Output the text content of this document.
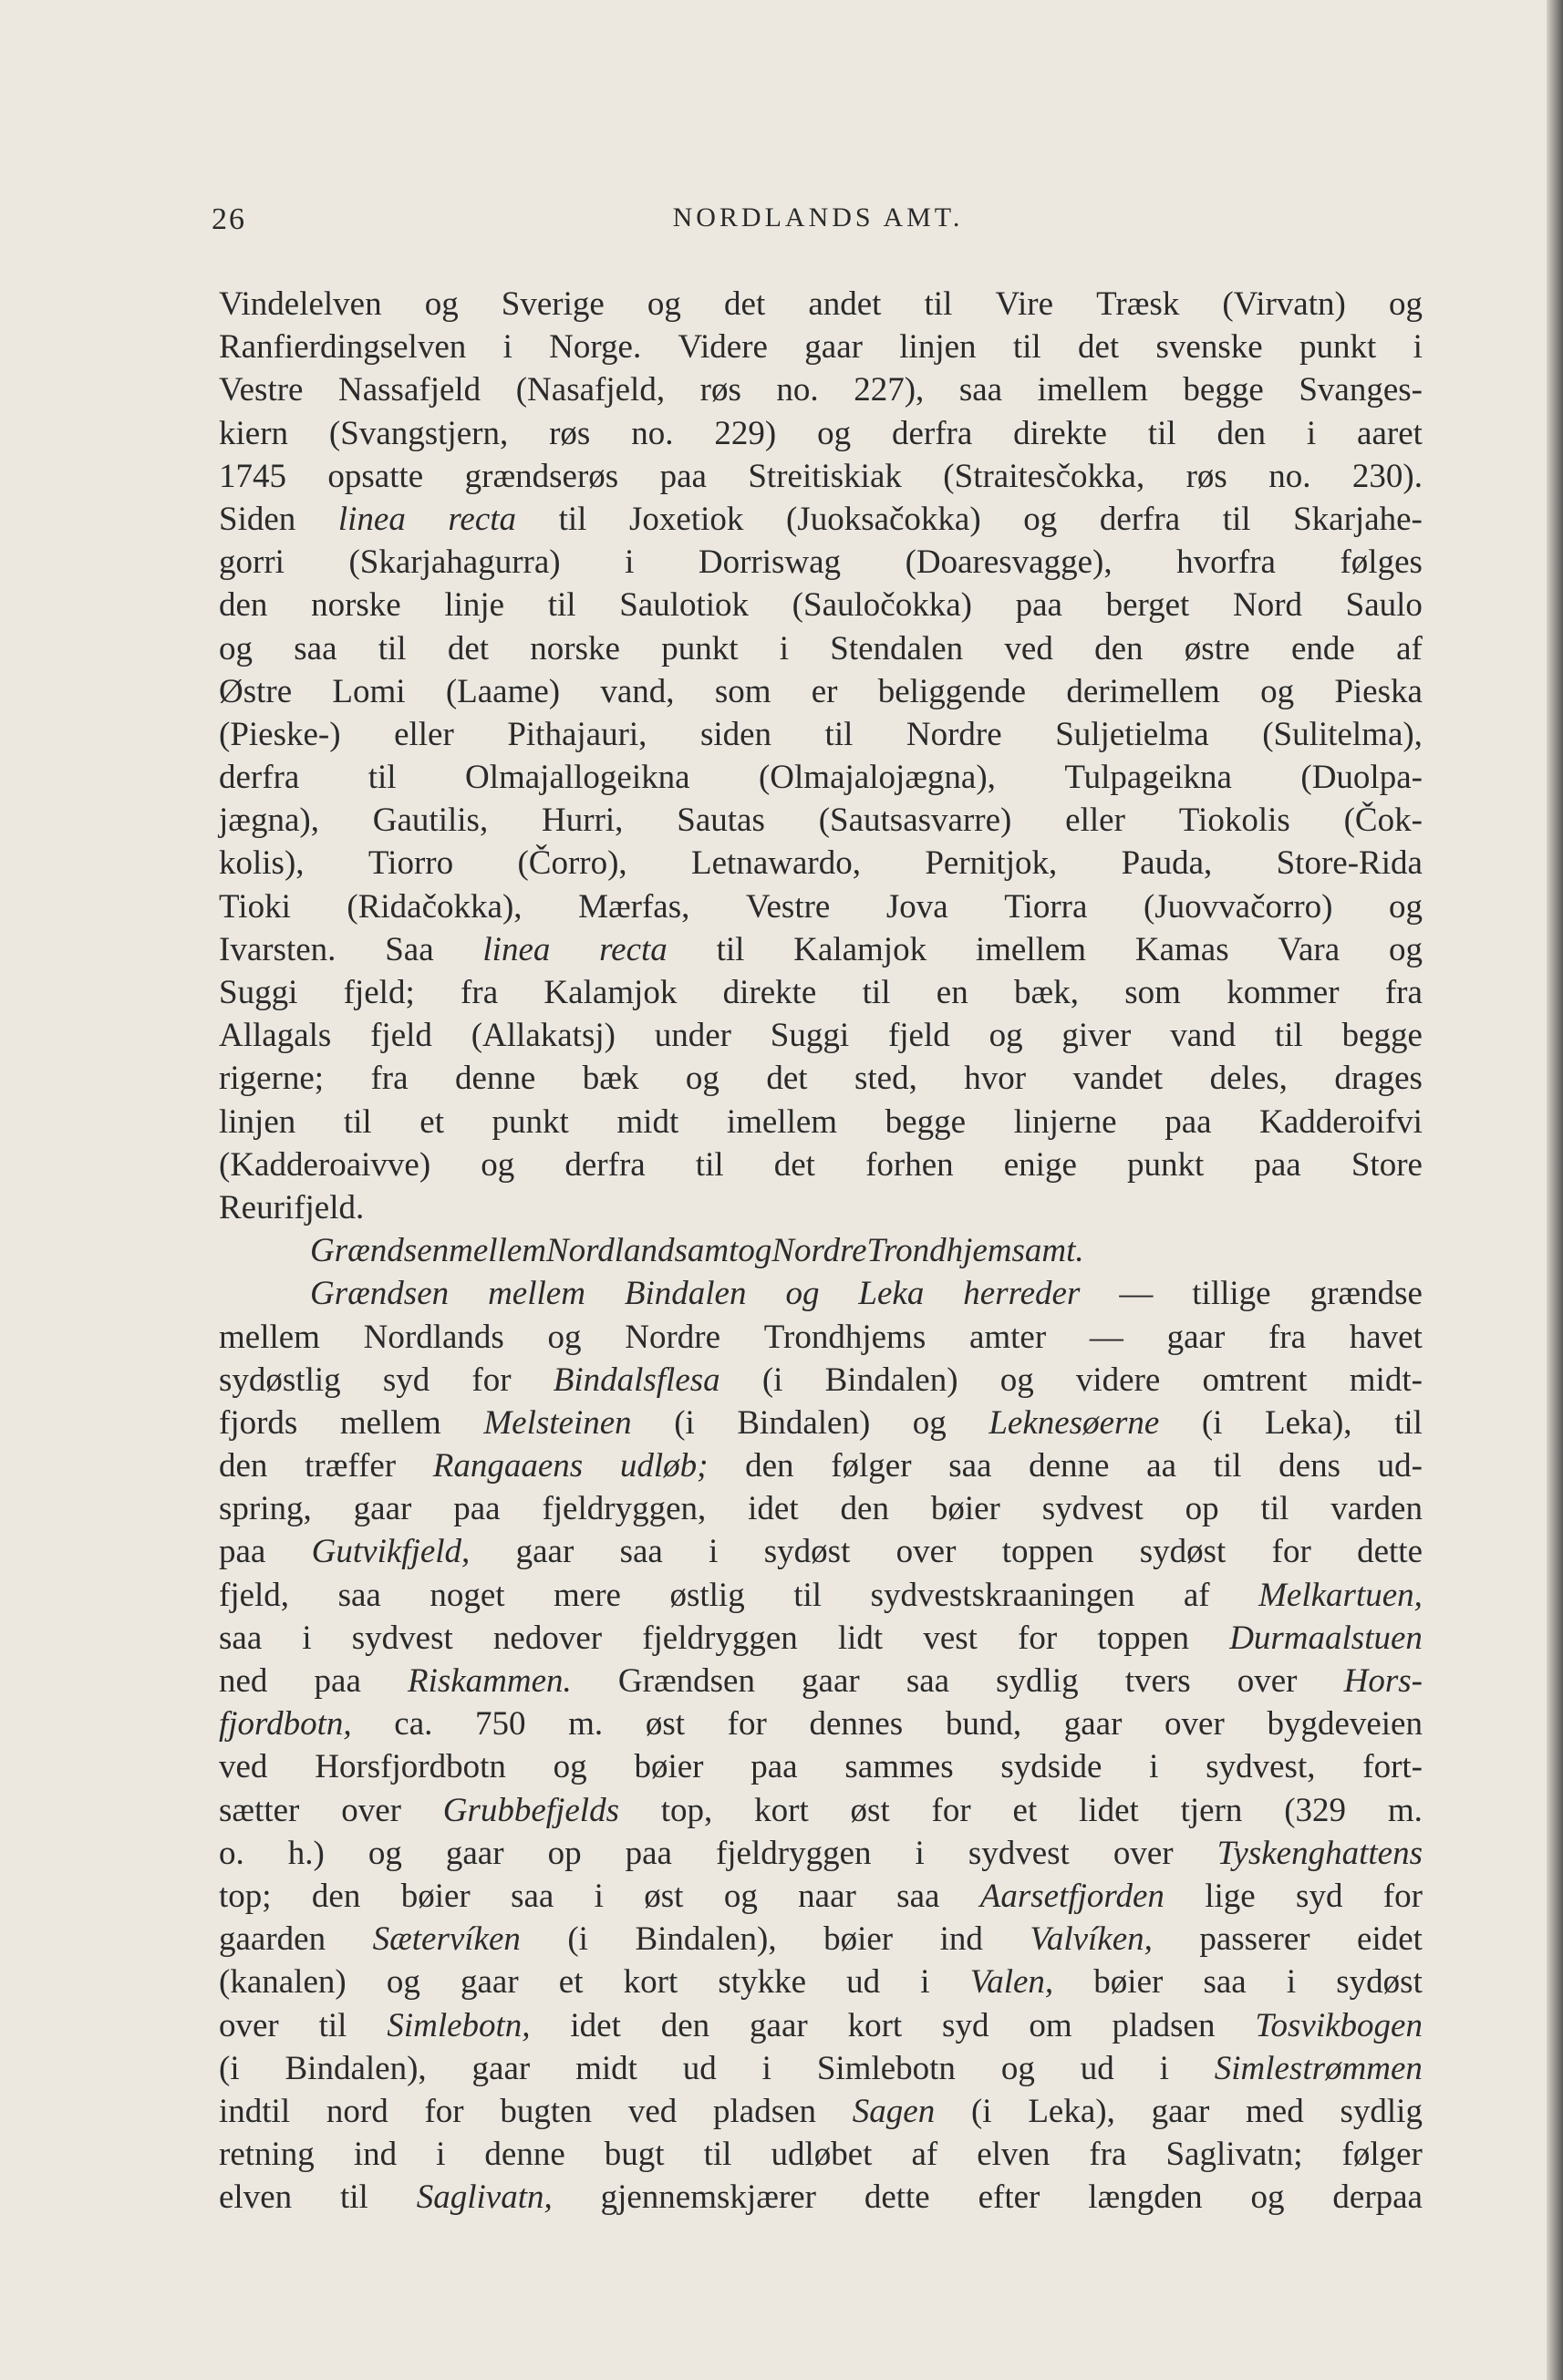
26	NORDLANDS AMT.
Vindelelven og Sverige og det andet til Vire Træsk (Virvatn) og
Ranfierdingselven i Norge. Videre gaar linjen til det svenske punkt i
Vestre Nassafjeld (Nasafjeld, røs no. 227), saa imellem begge Svanges-
kiern (Svangstjern, røs no. 229) og derfra direkte til den i aaret
1745 opsatte grændserøs paa Streitiskiak (Straitesčokka, røs no. 230).
Siden linea recta til Joxetiok (Juoksačokka) og derfra til Skarjahe-
gorri (Skarjahagurra) i Dorriswag (Doaresvagge), hvorfra følges
den norske linje til Saulotiok (Sauločokka) paa berget Nord Saulo
og saa til det norske punkt i Stendalen ved den østre ende af
Østre Lomi (Laame) vand, som er beliggende derimellem og Pieska
(Pieske-) eller Pithajauri, siden til Nordre Suljetielma (Sulitelma),
derfra til Olmajallogeikna (Olmajalojægna), Tulpageikna (Duolpa-
jægna), Gautilis, Hurri, Sautas (Sautsasvarre) eller Tiokolis (Čok-
kolis), Tiorro (Čorro), Letnawardo, Pernitjok, Pauda, Store-Rida
Tioki (Ridačokka), Mærfas, Vestre Jova Tiorra (Juovvačorro) og
Ivarsten. Saa linea recta til Kalamjok imellem Kamas Vara og
Suggi fjeld; fra Kalamjok direkte til en bæk, som kommer fra
Allagals fjeld (Allakatsj) under Suggi fjeld og giver vand til begge
rigerne; fra denne bæk og det sted, hvor vandet deles, drages
linjen til et punkt midt imellem begge linjerne paa Kadderoifvi
(Kadderoaivve) og derfra til det forhen enige punkt paa Store
Reurifjeld.
Grændsen mellem Nordlands amt og Nordre Trondhjems amt.
Grændsen mellem Bindalen og Leka herreder — tillige grændse
mellem Nordlands og Nordre Trondhjems amter — gaar fra havet
sydøstlig syd for Bindalsflesa (i Bindalen) og videre omtrent midt-
fjords mellem Melsteinen (i Bindalen) og Leknesøerne (i Leka), til
den træffer Rangaaens udløb; den følger saa denne aa til dens ud-
spring, gaar paa fjeldryggen, idet den bøier sydvest op til varden
paa Gutvikfjeld, gaar saa i sydøst over toppen sydøst for dette
fjeld, saa noget mere østlig til sydvestskraaningen af Melkartuen,
saa i sydvest nedover fjeldryggen lidt vest for toppen Durmaalstuen
ned paa Riskammen. Grændsen gaar saa sydlig tvers over Hors-
fjordbotn, ca. 750 m. øst for dennes bund, gaar over bygdeveien
ved Horsfjordbotn og bøier paa sammes sydside i sydvest, fort-
sætter over Grubbefjelds top, kort øst for et lidet tjern (329 m.
o. h.) og gaar op paa fjeldryggen i sydvest over Tyskenghattens
top; den bøier saa i øst og naar saa Aarsetfjorden lige syd for
gaarden Sætervíken (i Bindalen), bøier ind Valvíken, passerer eidet
(kanalen) og gaar et kort stykke ud i Valen, bøier saa i sydøst
over til Simlebotn, idet den gaar kort syd om pladsen Tosvikbogen
(i Bindalen), gaar midt ud i Simlebotn og ud i Simlestrømmen
indtil nord for bugten ved pladsen Sagen (i Leka), gaar med sydlig
retning ind i denne bugt til udløbet af elven fra Saglivatn; følger
elven til Saglivatn, gjennemskjærer dette efter længden og derpaa
